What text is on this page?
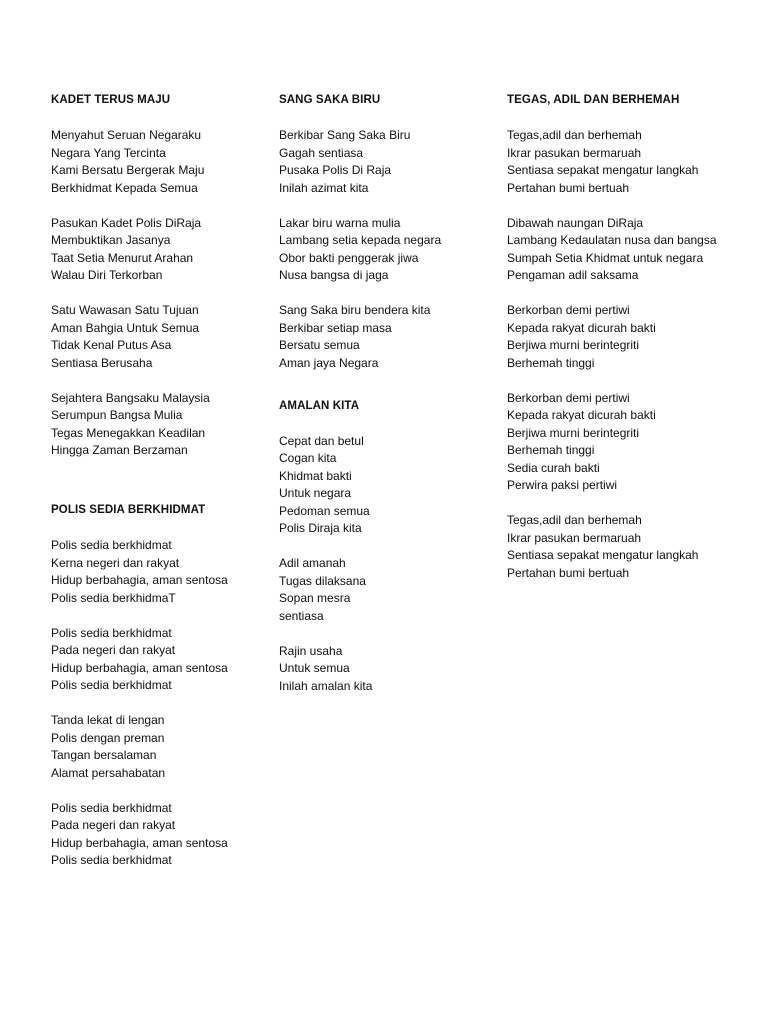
KADET TERUS MAJU
Menyahut Seruan Negaraku
Negara Yang Tercinta
Kami Bersatu Bergerak Maju
Berkhidmat Kepada Semua
Pasukan Kadet Polis DiRaja
Membuktikan Jasanya
Taat Setia Menurut Arahan
Walau Diri Terkorban
Satu Wawasan Satu Tujuan
Aman Bahgia Untuk Semua
Tidak Kenal Putus Asa
Sentiasa Berusaha
Sejahtera Bangsaku Malaysia
Serumpun Bangsa Mulia
Tegas Menegakkan Keadilan
Hingga Zaman Berzaman
POLIS SEDIA BERKHIDMAT
Polis sedia berkhidmat
Kerna negeri dan rakyat
Hidup berbahagia, aman sentosa
Polis sedia berkhidmaT
Polis sedia berkhidmat
Pada negeri dan rakyat
Hidup berbahagia, aman sentosa
Polis sedia berkhidmat
Tanda lekat di lengan
Polis dengan preman
Tangan bersalaman
Alamat persahabatan
Polis sedia berkhidmat
Pada negeri dan rakyat
Hidup berbahagia, aman sentosa
Polis sedia berkhidmat
SANG SAKA BIRU
Berkibar Sang Saka Biru
Gagah sentiasa
Pusaka Polis Di Raja
Inilah azimat kita
Lakar biru warna mulia
Lambang setia kepada negara
Obor bakti penggerak jiwa
Nusa bangsa di jaga
Sang Saka biru bendera kita
Berkibar setiap masa
Bersatu semua
Aman jaya Negara
AMALAN KITA
Cepat dan betul
Cogan kita
Khidmat bakti
Untuk negara
Pedoman semua
Polis Diraja kita
Adil amanah
Tugas dilaksana
Sopan mesra
sentiasa
Rajin usaha
Untuk semua
Inilah amalan kita
TEGAS, ADIL DAN BERHEMAH
Tegas,adil dan berhemah
Ikrar pasukan bermaruah
Sentiasa sepakat mengatur langkah
Pertahan bumi bertuah
Dibawah naungan DiRaja
Lambang Kedaulatan nusa dan bangsa
Sumpah Setia Khidmat untuk negara
Pengaman adil saksama
Berkorban demi pertiwi
Kepada rakyat dicurah bakti
Berjiwa murni berintegriti
Berhemah tinggi
Berkorban demi pertiwi
Kepada rakyat dicurah bakti
Berjiwa murni berintegriti
Berhemah tinggi
Sedia curah bakti
Perwira paksi pertiwi
Tegas,adil dan berhemah
Ikrar pasukan bermaruah
Sentiasa sepakat mengatur langkah
Pertahan bumi bertuah
